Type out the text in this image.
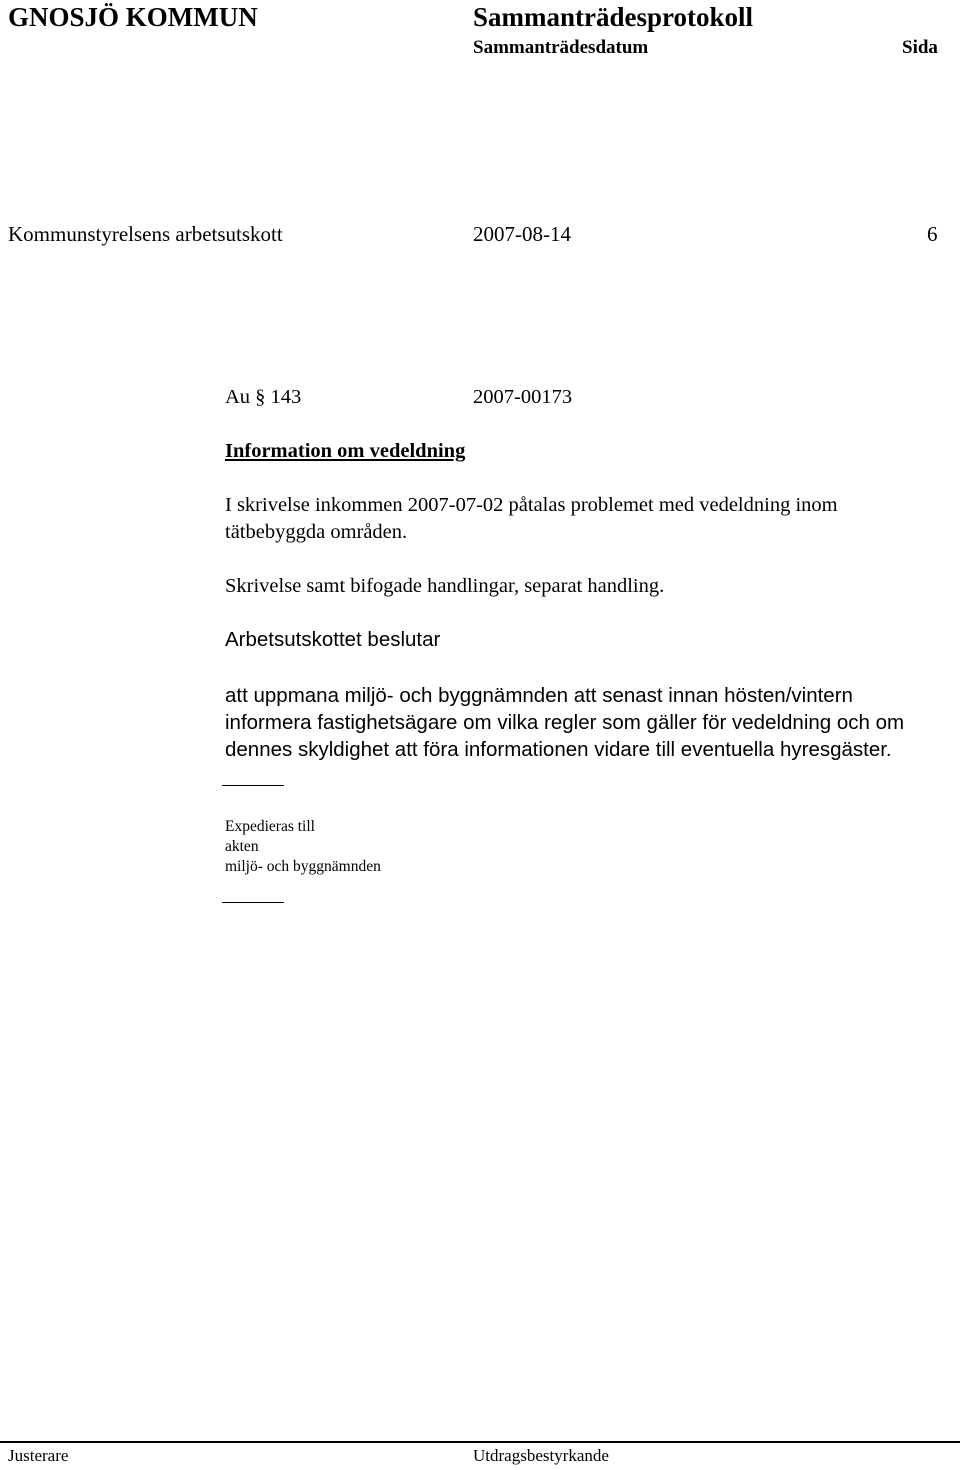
GNOSJÖ KOMMUN	Sammanträdesprotokoll
Sammanträdesdatum	Sida
Kommunstyrelsens arbetsutskott	2007-08-14	6
Au § 143	2007-00173
Information om vedeldning
I skrivelse inkommen 2007-07-02 påtalas problemet med vedeldning inom
tätbebyggda områden.
Skrivelse samt bifogade handlingar, separat handling.
Arbetsutskottet beslutar
att uppmana miljö- och byggnämnden att senast innan hösten/vintern
informera fastighetsägare om vilka regler som gäller för vedeldning och om
dennes skyldighet att föra informationen vidare till eventuella hyresgäster.
Expedieras till
akten
miljö- och byggnämnden
Justerare	Utdragsbestyrkande
